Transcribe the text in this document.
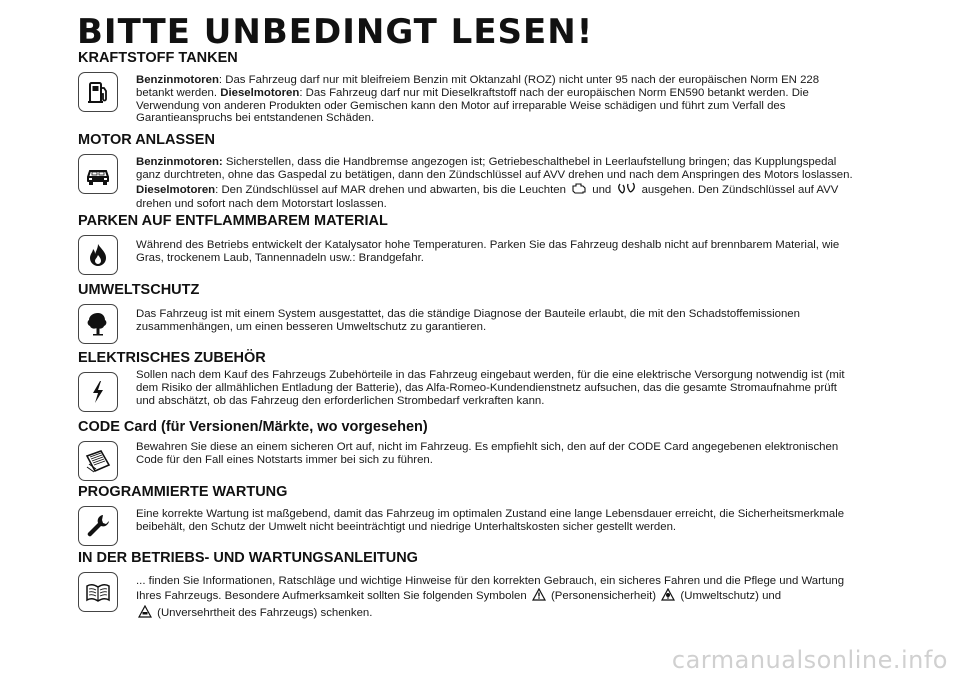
BITTE UNBEDINGT LESEN!
KRAFTSTOFF TANKEN

Benzinmotoren: Das Fahrzeug darf nur mit bleifreiem Benzin mit Oktanzahl (ROZ) nicht unter 95 nach der europäischen Norm EN 228 betankt werden. Dieselmotoren: Das Fahrzeug darf nur mit Dieselkraftstoff nach der europäischen Norm EN590 betankt werden. Die Verwendung von anderen Produkten oder Gemischen kann den Motor auf irreparable Weise schädigen und führt zum Verfall des Garantieanspruchs bei entstandenen Schäden.

MOTOR ANLASSEN

Benzinmotoren: Sicherstellen, dass die Handbremse angezogen ist; Getriebeschalthebel in Leerlaufstellung bringen; das Kupplungspedal ganz durchtreten, ohne das Gaspedal zu betätigen, dann den Zündschlüssel auf AVV drehen und nach dem Anspringen des Motors loslassen. Dieselmotoren: Den Zündschlüssel auf MAR drehen und abwarten, bis die Leuchten  und  ausgehen. Den Zündschlüssel auf AVV drehen und sofort nach dem Motorstart loslassen.

PARKEN AUF ENTFLAMMBAREM MATERIAL

Während des Betriebs entwickelt der Katalysator hohe Temperaturen. Parken Sie das Fahrzeug deshalb nicht auf brennbarem Material, wie Gras, trockenem Laub, Tannennadeln usw.: Brandgefahr.

UMWELTSCHUTZ

Das Fahrzeug ist mit einem System ausgestattet, das die ständige Diagnose der Bauteile erlaubt, die mit den Schadstoffemissionen zusammenhängen, um einen besseren Umweltschutz zu garantieren.

ELEKTRISCHES ZUBEHÖR

Sollen nach dem Kauf des Fahrzeugs Zubehörteile in das Fahrzeug eingebaut werden, für die eine elektrische Versorgung notwendig ist (mit dem Risiko der allmählichen Entladung der Batterie), das Alfa-Romeo-Kundendienstnetz aufsuchen, das die gesamte Stromaufnahme prüft und abschätzt, ob das Fahrzeug den erforderlichen Strombedarf verkraften kann.

CODE Card (für Versionen/Märkte, wo vorgesehen)

Bewahren Sie diese an einem sicheren Ort auf, nicht im Fahrzeug. Es empfiehlt sich, den auf der CODE Card angegebenen elektronischen Code für den Fall eines Notstarts immer bei sich zu führen.

PROGRAMMIERTE WARTUNG

Eine korrekte Wartung ist maßgebend, damit das Fahrzeug im optimalen Zustand eine lange Lebensdauer erreicht, die Sicherheitsmerkmale beibehält, den Schutz der Umwelt nicht beeinträchtigt und niedrige Unterhaltskosten sicher gestellt werden.

IN DER BETRIEBS- UND WARTUNGSANLEITUNG

... finden Sie Informationen, Ratschläge und wichtige Hinweise für den korrekten Gebrauch, ein sicheres Fahren und die Pflege und Wartung Ihres Fahrzeugs. Besondere Aufmerksamkeit sollten Sie folgenden Symbolen  (Personensicherheit)  (Umweltschutz) und
(Unversehrtheit des Fahrzeugs) schenken.

carmanualsonline.info
